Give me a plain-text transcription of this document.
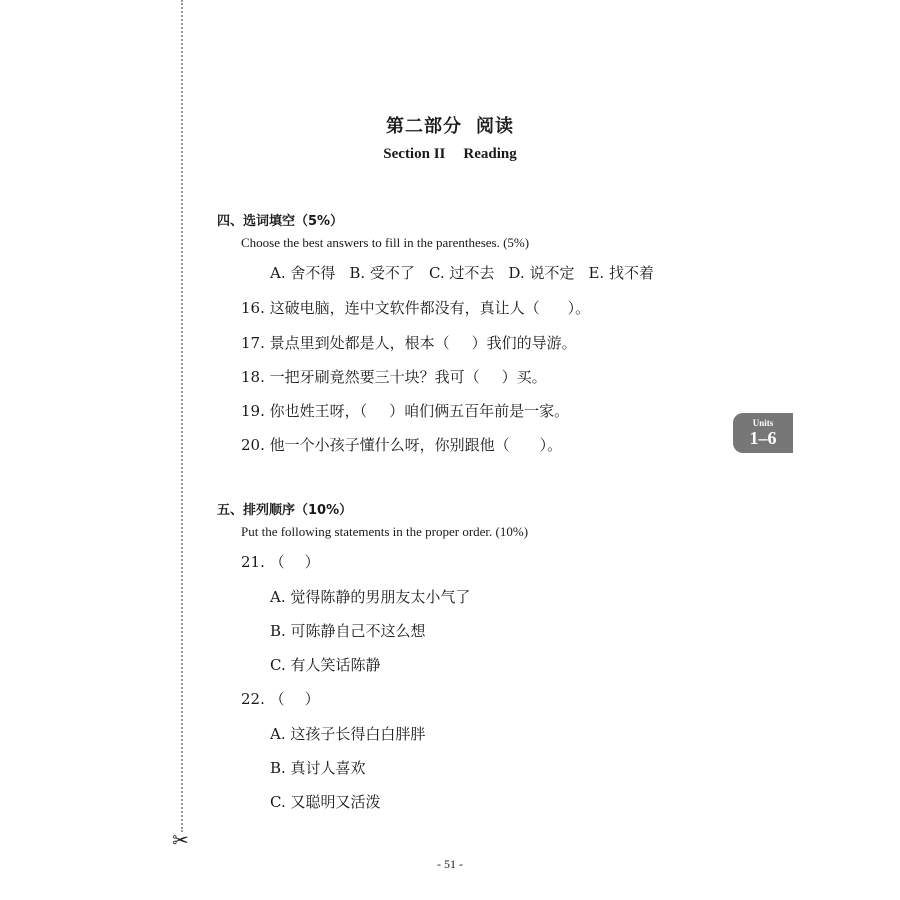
✂
第二部分 阅读
Section II Reading
四、选词填空（5%）
Choose the best answers to fill in the parentheses. (5%)
A. 舍不得 B. 受不了 C. 过不去 D. 说不定 E. 找不着
16. 这破电脑，连中文软件都没有，真让人（ ）。
17. 景点里到处都是人，根本（ ）我们的导游。
18. 一把牙刷竟然要三十块？我可（ ）买。
19. 你也姓王呀，（ ）咱们俩五百年前是一家。
20. 他一个小孩子懂什么呀，你别跟他（ ）。
五、排列顺序（10%）
Put the following statements in the proper order. (10%)
21. （ ）
A. 觉得陈静的男朋友太小气了
B. 可陈静自己不这么想
C. 有人笑话陈静
22. （ ）
A. 这孩子长得白白胖胖
B. 真讨人喜欢
C. 又聪明又活泼
Units
1–6
- 51 -
